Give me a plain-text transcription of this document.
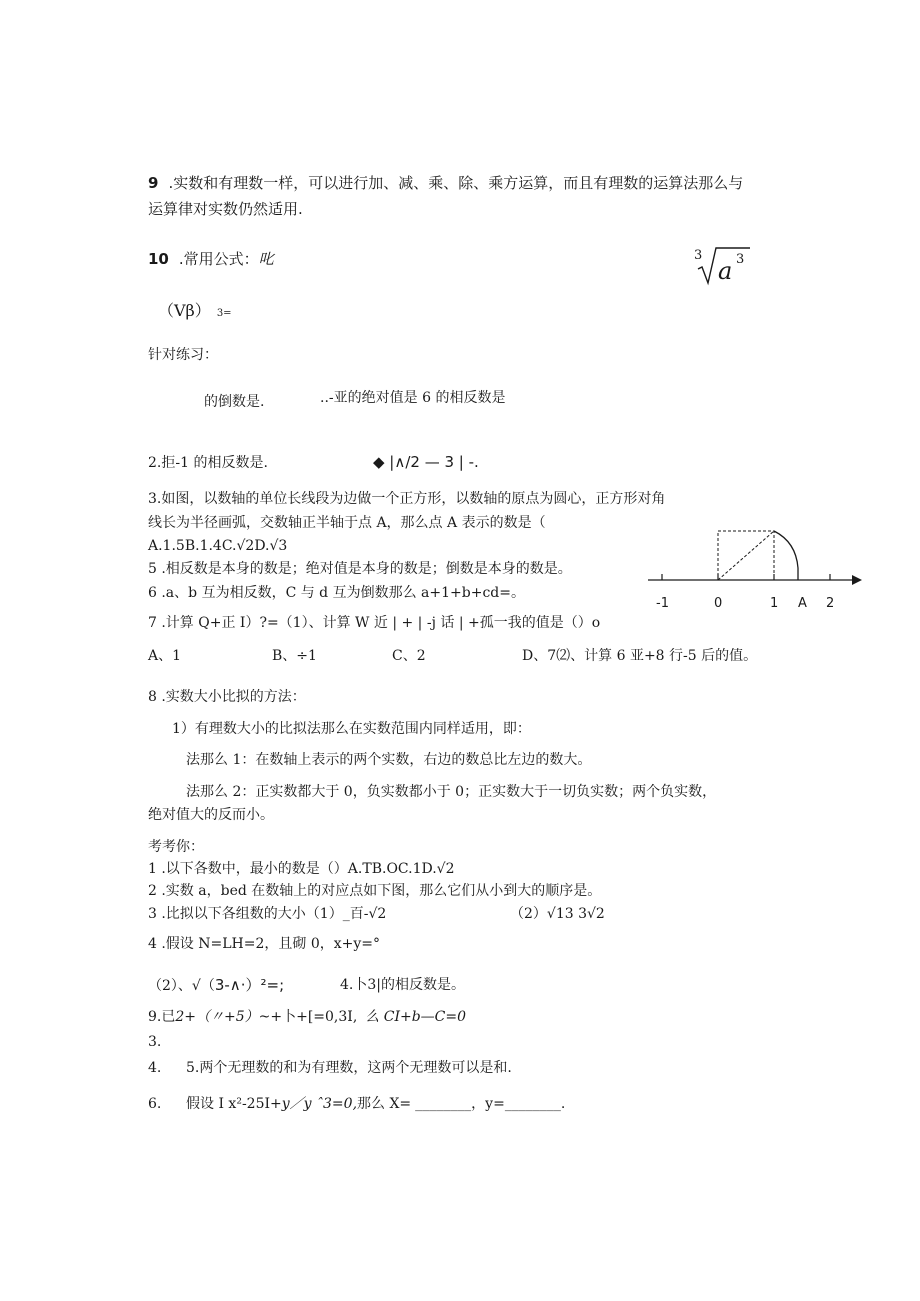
9 .实数和有理数一样，可以进行加、减、乘、除、乘方运算，而且有理数的运算法那么与
运算律对实数仍然适用.
10 .常用公式：叱	3
a 3
（Vβ） 3=
针对练习：
的倒数是.	..-亚的绝对值是 6 的相反数是
2.拒-1 的相反数是.	◆ |∧/2 — 3 | -.
3.如图，以数轴的单位长线段为边做一个正方形，以数轴的原点为圆心，正方形对角
线长为半径画弧，交数轴正半轴于点 A，那么点 A 表示的数是（
A.1.5B.1.4C.√2D.√3
5 .相反数是本身的数是；绝对值是本身的数是；倒数是本身的数是。
6 .a、b 互为相反数，C 与 d 互为倒数那么 a+1+b+cd=。
7 .计算 Q+正 I）?=（1）、计算 W 近 | + | -j 话 | +孤一我的值是（）o
A、1	B、÷1	C、2	D、7⑵、计算 6 亚+8 行-5 后的值。
-1	0	1 A 2
8 .实数大小比拟的方法：
1）有理数大小的比拟法那么在实数范围内同样适用，即：
法那么 1：在数轴上表示的两个实数，右边的数总比左边的数大。
法那么 2：正实数都大于 0，负实数都小于 0；正实数大于一切负实数；两个负实数，
绝对值大的反而小。
考考你：
1 .以下各数中，最小的数是（）A.TB.OC.1D.√2
2 .实数 a，bed 在数轴上的对应点如下图，那么它们从小到大的顺序是。
3 .比拟以下各组数的大小（1）_百-√2	（2）√13 3√2
4 .假设 N=LH=2，且砌 0，x+y=°
（2）、√（3-∧·）²=;	4.卜3|的相反数是。
9.已2+（〃+5）~+卜+[=0,3I, 么 CI+b—C=0
3.
4. 5.两个无理数的和为有理数，这两个无理数可以是和.
6. 假设 I x²-25I+y／y ˆ3=0,那么 X= ________，y=________.
